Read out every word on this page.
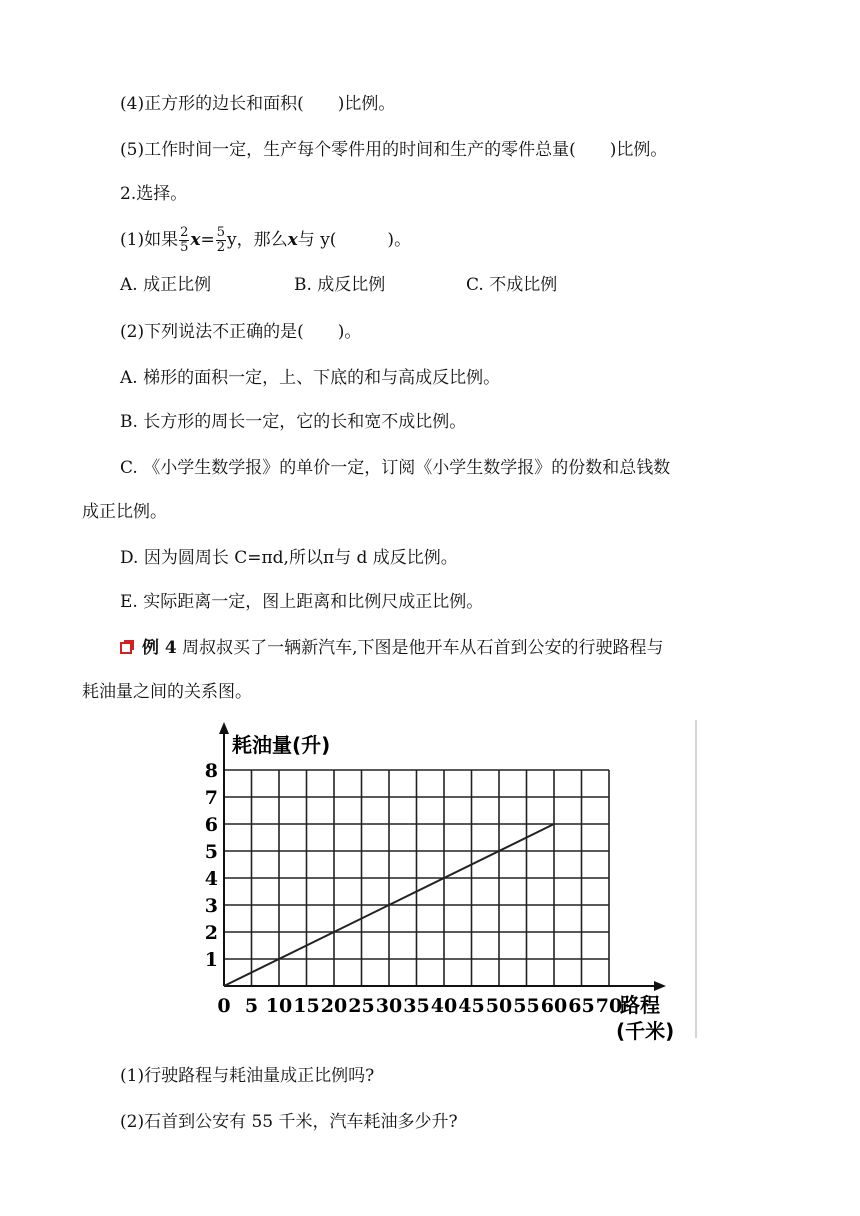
(4)正方形的边长和面积(　　)比例。
(5)工作时间一定，生产每个零件用的时间和生产的零件总量(　　)比例。
2.选择。
(1)如果 $\frac{2}{5} x= \frac{5}{2}$ y，那么x与 y(　　　)。
A. 成正比例	B. 成反比例	C. 不成比例
(2)下列说法不正确的是(　　)。
A. 梯形的面积一定，上、下底的和与高成反比例。
B. 长方形的周长一定，它的长和宽不成比例。
C. 《小学生数学报》的单价一定，订阅《小学生数学报》的份数和总钱数
成正比例。
D. 因为圆周长 C=πd,所以π与 d 成反比例。
E. 实际距离一定，图上距离和比例尺成正比例。
例 4 周叔叔买了一辆新汽车,下图是他开车从石首到公安的行驶路程与
耗油量之间的关系图。
1
2
3
4
5
6
7
8
0 5 10 15 20 25 30 35 40 45 50 55 60 65 70
耗油量(升)
路程
(千米)
(1)行驶路程与耗油量成正比例吗?
(2)石首到公安有 55 千米，汽车耗油多少升?
